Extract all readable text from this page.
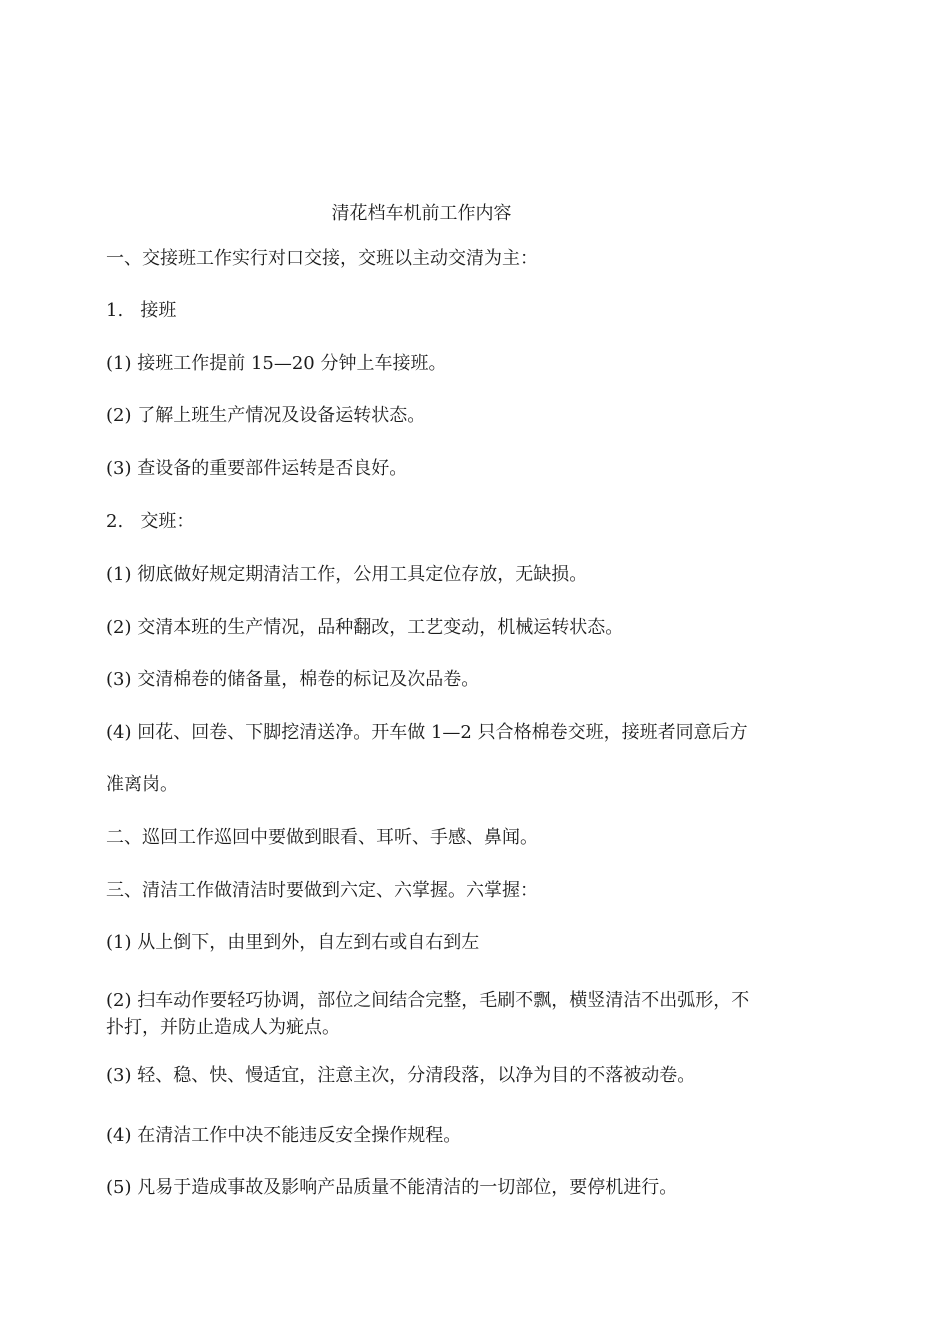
清花档车机前工作内容
一、交接班工作实行对口交接，交班以主动交清为主：
1.   接班
(1) 接班工作提前 15—20 分钟上车接班。
(2) 了解上班生产情况及设备运转状态。
(3) 查设备的重要部件运转是否良好。
2.   交班：
(1) 彻底做好规定期清洁工作，公用工具定位存放，无缺损。
(2) 交清本班的生产情况，品种翻改，工艺变动，机械运转状态。
(3) 交清棉卷的储备量，棉卷的标记及次品卷。
(4) 回花、回卷、下脚挖清送净。开车做 1—2 只合格棉卷交班，接班者同意后方
准离岗。
二、巡回工作巡回中要做到眼看、耳听、手感、鼻闻。
三、清洁工作做清洁时要做到六定、六掌握。六掌握：
(1) 从上倒下，由里到外，自左到右或自右到左
(2) 扫车动作要轻巧协调，部位之间结合完整，毛刷不飘，横竖清洁不出弧形，不
扑打，并防止造成人为疵点。
(3) 轻、稳、快、慢适宜，注意主次，分清段落，以净为目的不落被动卷。
(4) 在清洁工作中决不能违反安全操作规程。
(5) 凡易于造成事故及影响产品质量不能清洁的一切部位，要停机进行。
